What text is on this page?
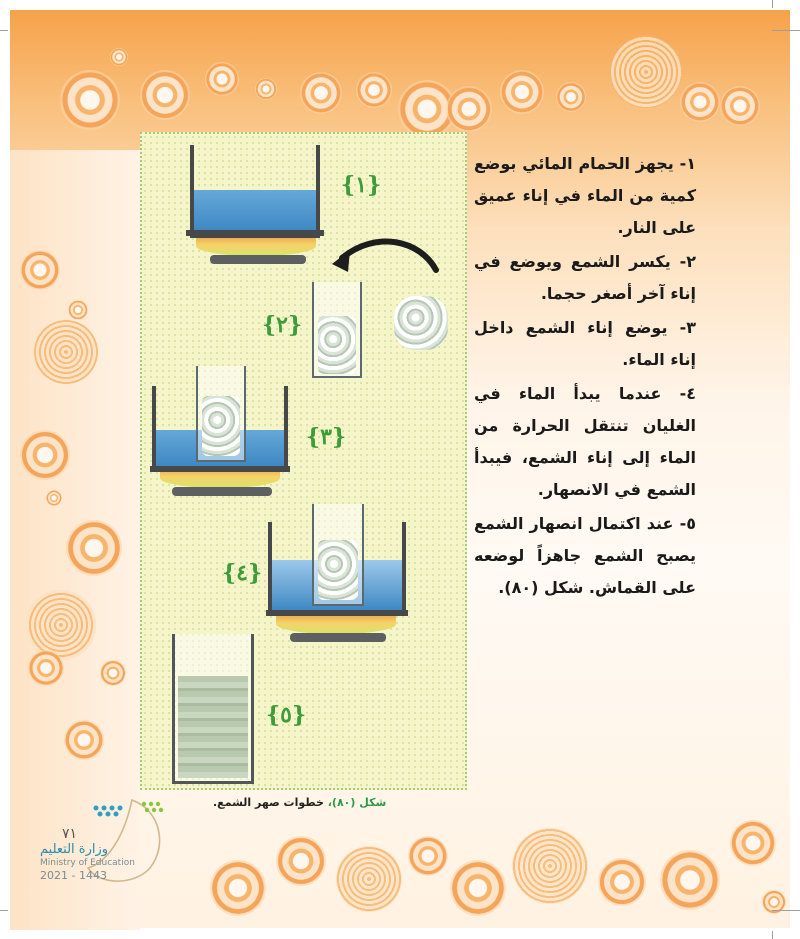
{١}
{٢}
{٣}
{٤}
{٥}
شكل (٨٠)، خطوات صهر الشمع.

١- يجهز الحمام المائي بوضع كمية من الماء في إناء عميق على النار.

٢- يكسر الشمع ويوضع في إناء آخر أصغر حجما.

٣- يوضع إناء الشمع داخل إناء الماء.

٤- عندما يبدأ الماء في الغليان تنتقل الحرارة من الماء إلى إناء الشمع، فيبدأ الشمع في الانصهار.

٥- عند اكتمال انصهار الشمع يصبح الشمع جاهزاً لوضعه على القماش. شكل (٨٠).

٧١
وزارة التعليم
Ministry of Education
2021 - 1443
